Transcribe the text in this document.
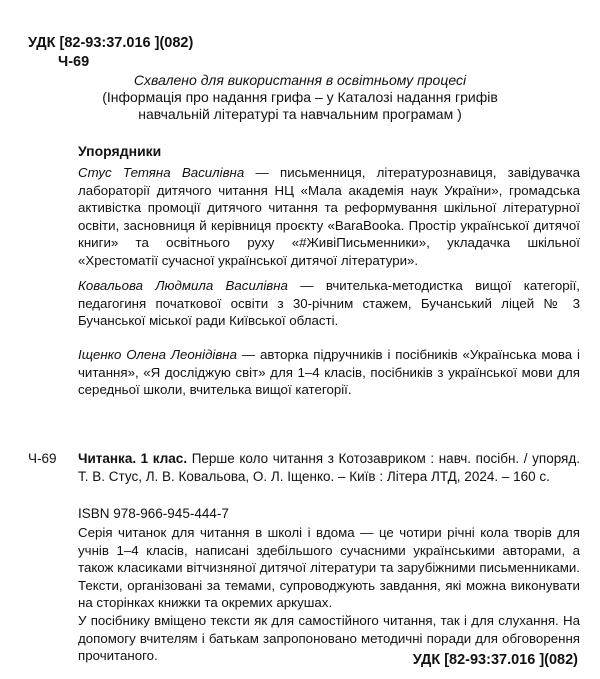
УДК [82-93:37.016 ](082)
Ч-69
Схвалено для використання в освітньому процесі
(Інформація про надання грифа – у Каталозі надання грифів
навчальній літературі та навчальним програмам )
Упорядники
Стус Тетяна Василівна — письменниця, літературознавиця, завідувачка лабораторії дитячого читання НЦ «Мала академія наук України», громадська активістка промоції дитячого читання та реформування шкільної літературної освіти, засновниця й керівниця проєкту «BaraBooka. Простір української дитячої книги» та освітнього руху «#ЖивіПисьменники», укладачка шкільної «Хрестоматії сучасної української дитячої літератури».
Ковальова Людмила Василівна — вчителька-методистка вищої категорії, педагогиня початкової освіти з 30-річним стажем, Бучанський ліцей № 3 Бучанської міської ради Київської області.
Іщенко Олена Леонідівна — авторка підручників і посібників «Українська мова і читання», «Я досліджую світ» для 1–4 класів, посібників з української мови для середньої школи, вчителька вищої категорії.
Ч-69 Читанка. 1 клас. Перше коло читання з Котозавриком : навч. посібн. / упоряд. Т. В. Стус, Л. В. Ковальова, О. Л. Іщенко. – Київ : Літера ЛТД, 2024. – 160 с.
ISBN 978-966-945-444-7

Серія читанок для читання в школі і вдома — це чотири річні кола творів для учнів 1–4 класів, написані здебільшого сучасними українськими авторами, а також класиками вітчизняної дитячої літератури та зарубіжними письменниками. Тексти, організовані за темами, супроводжують завдання, які можна виконувати на сторінках книжки та окремих аркушах.

У посібнику вміщено тексти як для самостійного читання, так і для слухання. На допомогу вчителям і батькам запропоновано методичні поради для обговорення прочитаного.	УДК [82-93:37.016 ](082)
